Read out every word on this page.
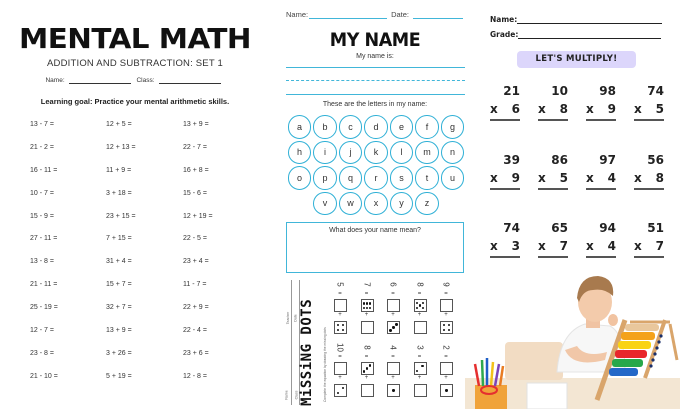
MENTAL MATH
ADDITION AND SUBTRACTION: SET 1
Name:	Class:
Learning goal: Practice your mental arithmetic skills.
13 - 7 =	12 + 5 =	13 + 9 =
21 - 2 =	12 + 13 =	22 - 7 =
16 - 11 =	11 + 9 =	16 + 8 =
10 - 7 =	3 + 18 =	15 - 6 =
15 - 9 =	23 + 15 =	12 + 19 =
27 - 11 =	7 + 15 =	22 - 5 =
13 - 8 =	31 + 4 =	23 + 4 =
21 - 11 =	15 + 7 =	11 - 7 =
25 - 19 =	32 + 7 =	22 + 9 =
12 - 7 =	13 + 9 =	22 - 4 =
23 - 8 =	3 + 26 =	23 + 6 =
21 - 10 =	5 + 19 =	12 - 8 =
Name:	Date:
MY NAME
My name is:
These are the letters in my name:
a	b	c	d	e	f	g
h	i	j	k	l	m	n
o	p	q	r	s	t	u
v	w	x	y	z
What does your name mean?
Teacher Date
Name Class MiSSiNG DOTS Complete the equation by drawing the missing dots
5
=
+
7
=
+
6
=
+
8
=
+
9
=
+
10
=
+
8
=
+
4
=
+
3
=
+
2
=
+
Name:
Grade:
LET'S MULTIPLY!
21
x 6
10
x 8
98
x 9
74
x 5
39
x 9
86
x 5
97
x 4
56
x 8
74
x 3
65
x 7
94
x 4
51
x 7
